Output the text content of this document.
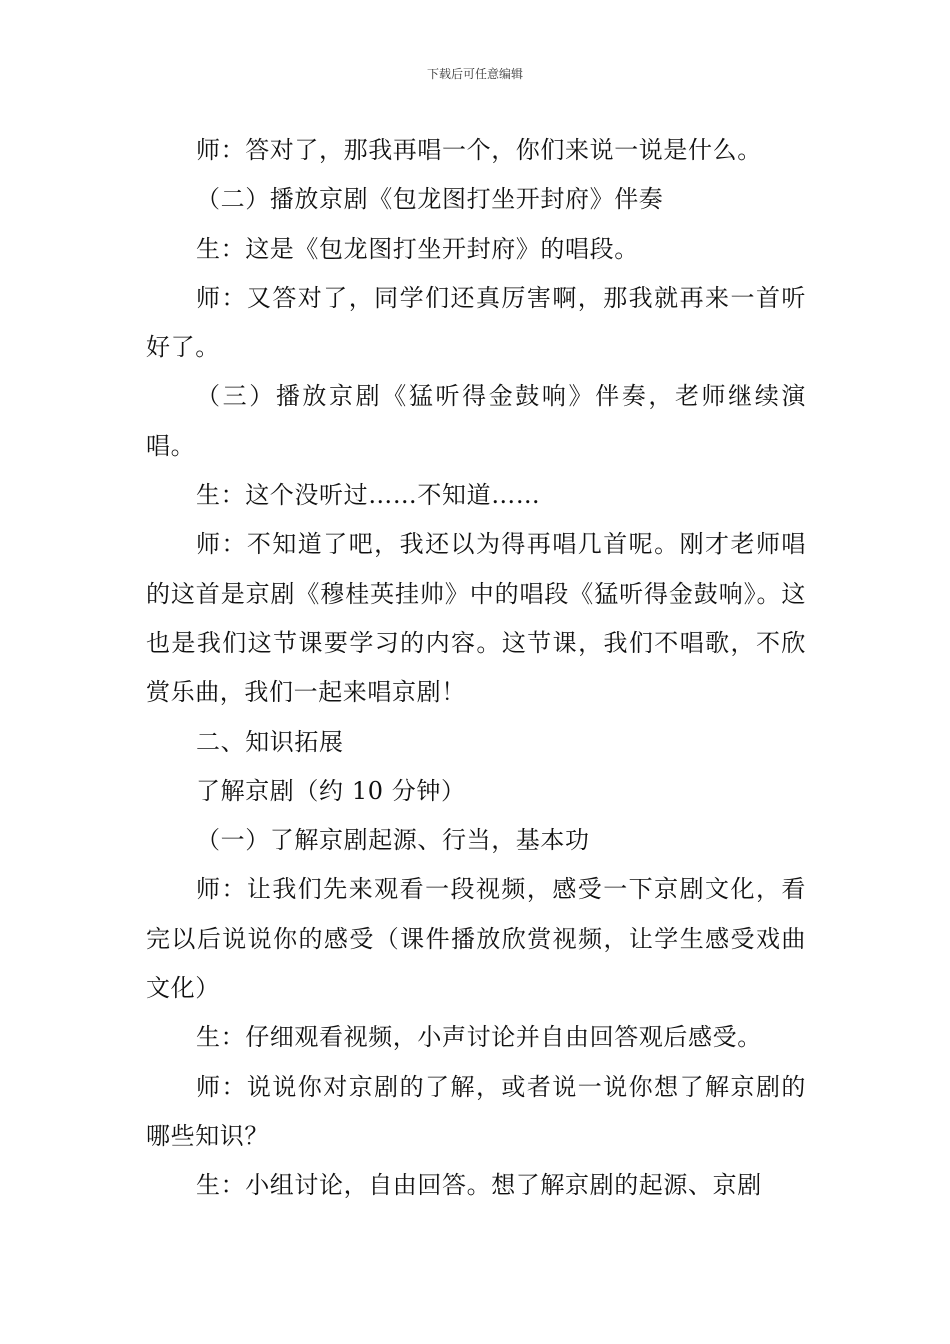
下载后可任意编辑

师：答对了，那我再唱一个，你们来说一说是什么。

（二）播放京剧《包龙图打坐开封府》伴奏

生：这是《包龙图打坐开封府》的唱段。

师：又答对了，同学们还真厉害啊，那我就再来一首听好了。

（三）播放京剧《猛听得金鼓响》伴奏，老师继续演唱。

生：这个没听过……不知道……

师：不知道了吧，我还以为得再唱几首呢。刚才老师唱的这首是京剧《穆桂英挂帅》中的唱段《猛听得金鼓响》。这也是我们这节课要学习的内容。这节课，我们不唱歌，不欣赏乐曲，我们一起来唱京剧！

二、知识拓展

了解京剧（约 10 分钟）

（一）了解京剧起源、行当，基本功

师：让我们先来观看一段视频，感受一下京剧文化，看完以后说说你的感受（课件播放欣赏视频，让学生感受戏曲文化）

生：仔细观看视频，小声讨论并自由回答观后感受。

师：说说你对京剧的了解，或者说一说你想了解京剧的哪些知识？

生：小组讨论，自由回答。想了解京剧的起源、京剧
